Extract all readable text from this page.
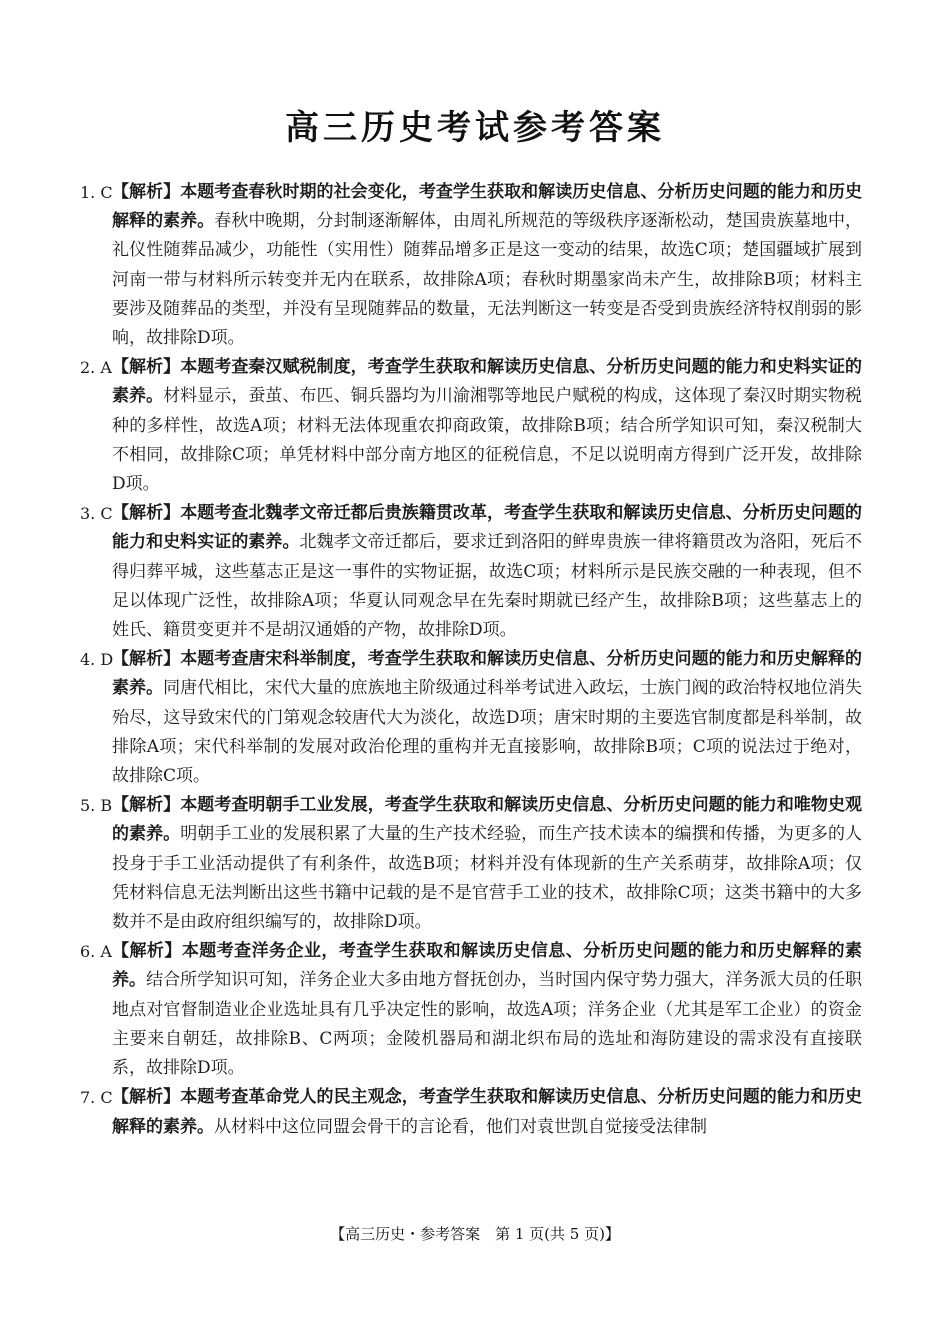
高三历史考试参考答案
1. C 【解析】本题考查春秋时期的社会变化，考查学生获取和解读历史信息、分析历史问题的能力和历史解释的素养。春秋中晚期，分封制逐渐解体，由周礼所规范的等级秩序逐渐松动，楚国贵族墓地中，礼仪性随葬品减少，功能性（实用性）随葬品增多正是这一变动的结果，故选C项；楚国疆域扩展到河南一带与材料所示转变并无内在联系，故排除A项；春秋时期墨家尚未产生，故排除B项；材料主要涉及随葬品的类型，并没有呈现随葬品的数量，无法判断这一转变是否受到贵族经济特权削弱的影响，故排除D项。
2. A 【解析】本题考查秦汉赋税制度，考查学生获取和解读历史信息、分析历史问题的能力和史料实证的素养。材料显示，蚕茧、布匹、铜兵器均为川渝湘鄂等地民户赋税的构成，这体现了秦汉时期实物税种的多样性，故选A项；材料无法体现重农抑商政策，故排除B项；结合所学知识可知，秦汉税制大不相同，故排除C项；单凭材料中部分南方地区的征税信息，不足以说明南方得到广泛开发，故排除D项。
3. C 【解析】本题考查北魏孝文帝迁都后贵族籍贯改革，考查学生获取和解读历史信息、分析历史问题的能力和史料实证的素养。北魏孝文帝迁都后，要求迁到洛阳的鲜卑贵族一律将籍贯改为洛阳，死后不得归葬平城，这些墓志正是这一事件的实物证据，故选C项；材料所示是民族交融的一种表现，但不足以体现广泛性，故排除A项；华夏认同观念早在先秦时期就已经产生，故排除B项；这些墓志上的姓氏、籍贯变更并不是胡汉通婚的产物，故排除D项。
4. D
【解析】本题考查唐宋科举制度，考查学生获取和解读历史信息、分析历史问题的能力和历史解释的素养。同唐代相比，宋代大量的庶族地主阶级通过科举考试进入政坛，士族门阀的政治特权地位消失殆尽，这导致宋代的门第观念较唐代大为淡化，故选D项；唐宋时期的主要选官制度都是科举制，故排除A项；宋代科举制的发展对政治伦理的重构并无直接影响，故排除B项；C项的说法过于绝对，故排除C项。
5. B 【解析】本题考查明朝手工业发展，考查学生获取和解读历史信息、分析历史问题的能力和唯物史观的素养。明朝手工业的发展积累了大量的生产技术经验，而生产技术读本的编撰和传播，为更多的人投身于手工业活动提供了有利条件，故选B项；材料并没有体现新的生产关系萌芽，故排除A项；仅凭材料信息无法判断出这些书籍中记载的是不是官营手工业的技术，故排除C项；这类书籍中的大多数并不是由政府组织编写的，故排除D项。
6. A 【解析】本题考查洋务企业，考查学生获取和解读历史信息、分析历史问题的能力和历史解释的素养。结合所学知识可知，洋务企业大多由地方督抚创办，当时国内保守势力强大，洋务派大员的任职地点对官督制造业企业选址具有几乎决定性的影响，故选A项；洋务企业（尤其是军工企业）的资金主要来自朝廷，故排除B、C两项；金陵机器局和湖北织布局的选址和海防建设的需求没有直接联系，故排除D项。
7. C 【解析】本题考查革命党人的民主观念，考查学生获取和解读历史信息、分析历史问题的能力和历史解释的素养。从材料中这位同盟会骨干的言论看，他们对袁世凯自觉接受法律制
【高三历史・参考答案　第 1 页(共 5 页)】
